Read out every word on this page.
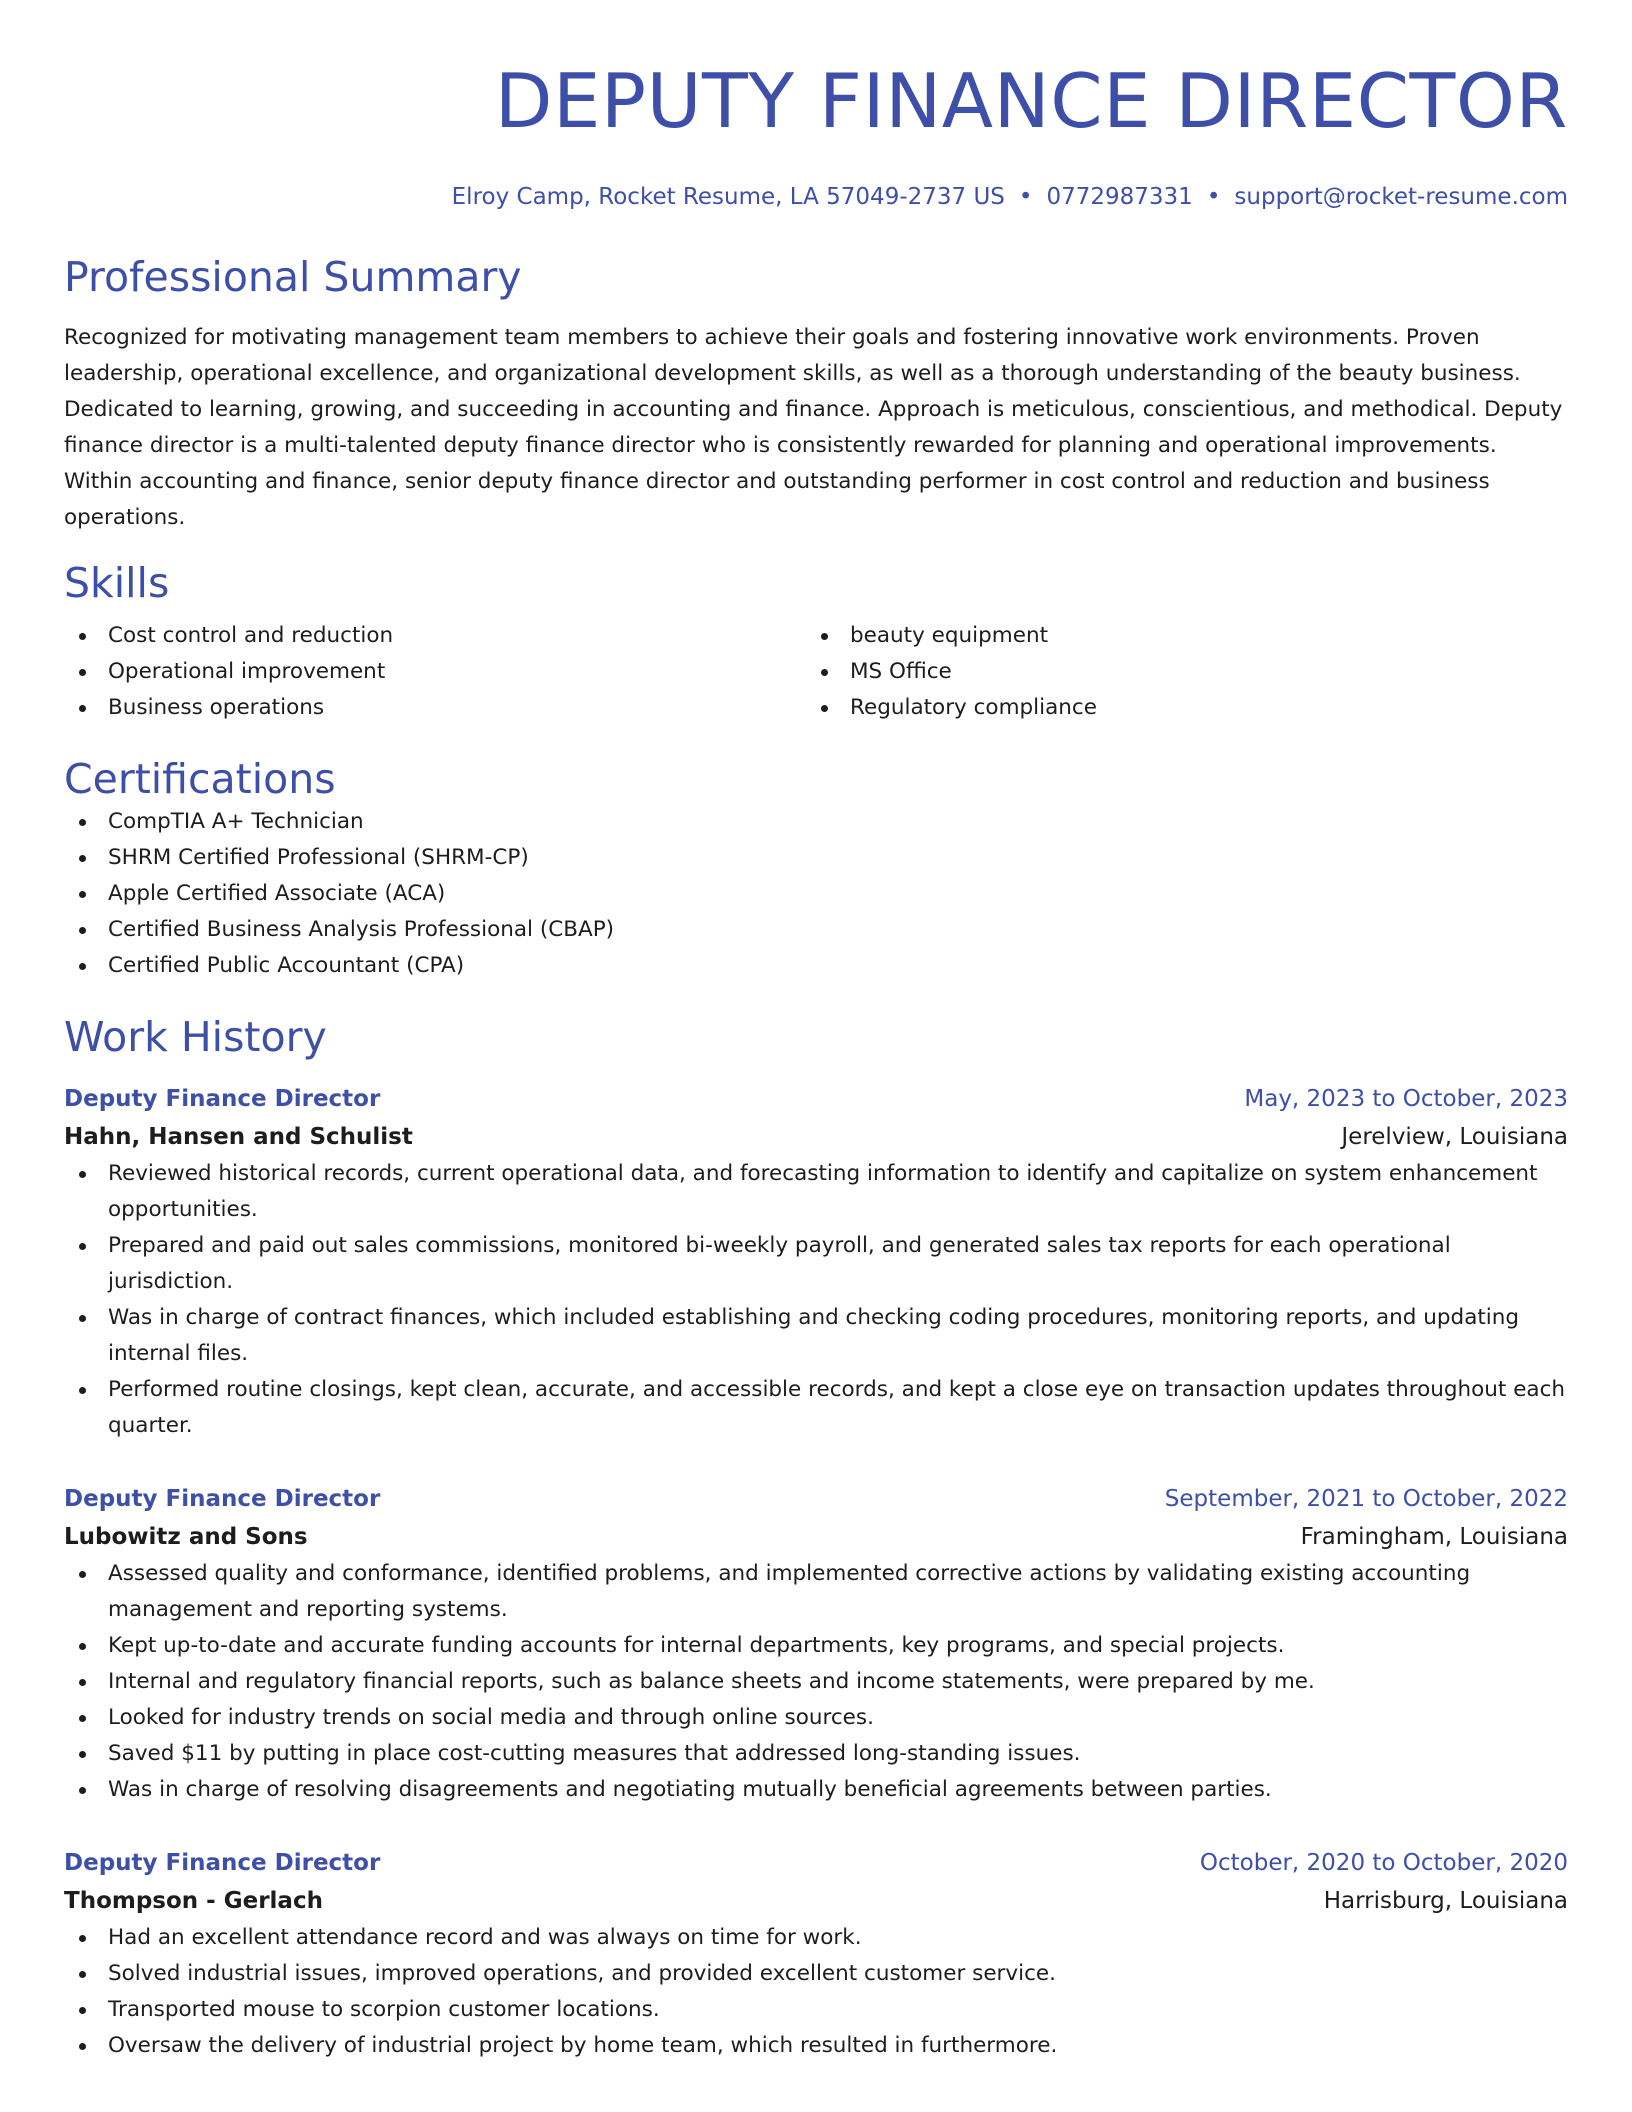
DEPUTY FINANCE DIRECTOR
Elroy Camp, Rocket Resume, LA 57049-2737 US • 0772987331 • support@rocket-resume.com
Professional Summary

Recognized for motivating management team members to achieve their goals and fostering innovative work environments. Proven leadership, operational excellence, and organizational development skills, as well as a thorough understanding of the beauty business. Dedicated to learning, growing, and succeeding in accounting and finance. Approach is meticulous, conscientious, and methodical. Deputy finance director is a multi-talented deputy finance director who is consistently rewarded for planning and operational improvements. Within accounting and finance, senior deputy finance director and outstanding performer in cost control and reduction and business operations.

Skills
Cost control and reduction
Operational improvement
Business operations
beauty equipment
MS Office
Regulatory compliance
Certifications
CompTIA A+ Technician
SHRM Certified Professional (SHRM-CP)
Apple Certified Associate (ACA)
Certified Business Analysis Professional (CBAP)
Certified Public Accountant (CPA)
Work History
Deputy Finance Director	May, 2023 to October, 2023
Hahn, Hansen and Schulist	Jerelview, Louisiana
Reviewed historical records, current operational data, and forecasting information to identify and capitalize on system enhancement opportunities.
Prepared and paid out sales commissions, monitored bi-weekly payroll, and generated sales tax reports for each operational jurisdiction.
Was in charge of contract finances, which included establishing and checking coding procedures, monitoring reports, and updating internal files.
Performed routine closings, kept clean, accurate, and accessible records, and kept a close eye on transaction updates throughout each quarter.
Deputy Finance Director	September, 2021 to October, 2022
Lubowitz and Sons	Framingham, Louisiana
Assessed quality and conformance, identified problems, and implemented corrective actions by validating existing accounting management and reporting systems.
Kept up-to-date and accurate funding accounts for internal departments, key programs, and special projects.
Internal and regulatory financial reports, such as balance sheets and income statements, were prepared by me.
Looked for industry trends on social media and through online sources.
Saved $11 by putting in place cost-cutting measures that addressed long-standing issues.
Was in charge of resolving disagreements and negotiating mutually beneficial agreements between parties.
Deputy Finance Director	October, 2020 to October, 2020
Thompson - Gerlach	Harrisburg, Louisiana
Had an excellent attendance record and was always on time for work.
Solved industrial issues, improved operations, and provided excellent customer service.
Transported mouse to scorpion customer locations.
Oversaw the delivery of industrial project by home team, which resulted in furthermore.
